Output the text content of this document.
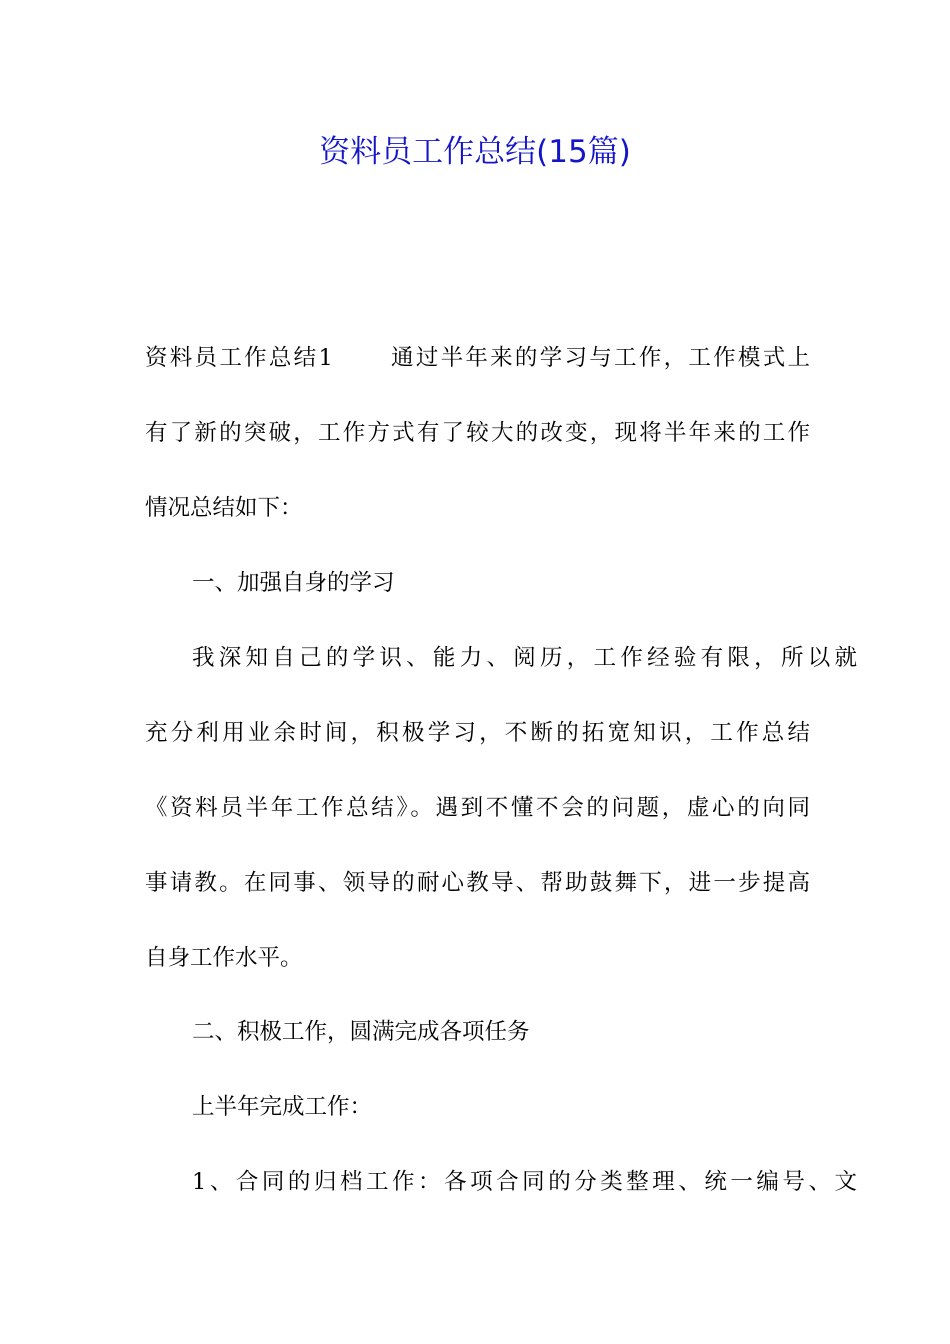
资料员工作总结(15篇)
资料员工作总结1 通过半年来的学习与工作，工作模式上
有了新的突破，工作方式有了较大的改变，现将半年来的工作
情况总结如下：
一、加强自身的学习
我深知自己的学识、能力、阅历，工作经验有限，所以就
充分利用业余时间，积极学习，不断的拓宽知识，工作总结
《资料员半年工作总结》。遇到不懂不会的问题，虚心的向同
事请教。在同事、领导的耐心教导、帮助鼓舞下，进一步提高
自身工作水平。
二、积极工作，圆满完成各项任务
上半年完成工作：
1、合同的归档工作：各项合同的分类整理、统一编号、文
